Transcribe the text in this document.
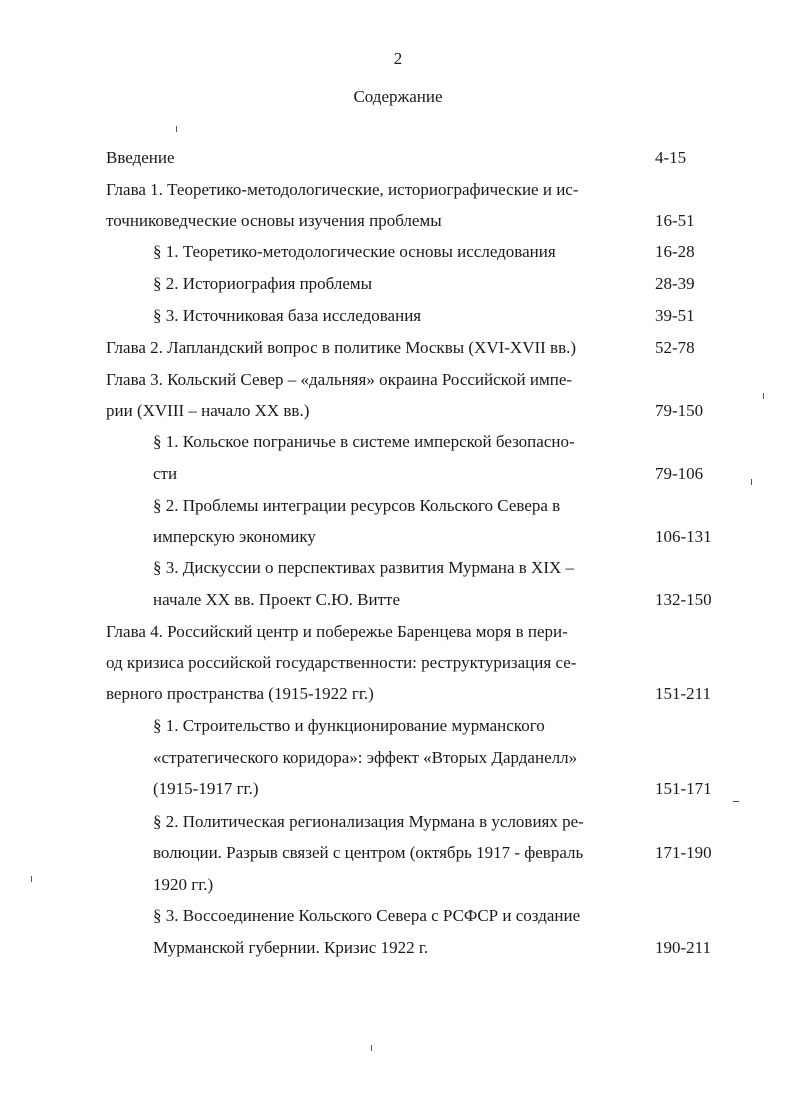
2
Содержание
Введение	4-15
Глава 1. Теоретико-методологические, историографические и ис-
точниковедческие основы изучения проблемы	16-51
§ 1. Теоретико-методологические основы исследования	16-28
§ 2. Историография проблемы	28-39
§ 3. Источниковая база исследования	39-51
Глава 2. Лапландский вопрос в политике Москвы (XVI-XVII вв.)	52-78
Глава 3. Кольский Север – «дальняя» окраина Российской импе-
рии (XVIII – начало XX вв.)	79-150
§ 1. Кольское пограничье в системе имперской безопасно-
сти	79-106
§ 2. Проблемы интеграции ресурсов Кольского Севера в
имперскую экономику	106-131
§ 3. Дискуссии о перспективах развития Мурмана в XIX –
начале XX вв. Проект С.Ю. Витте	132-150
Глава 4. Российский центр и побережье Баренцева моря в пери-
од кризиса российской государственности: реструктуризация се-
верного пространства (1915-1922 гг.)	151-211
§ 1. Строительство и функционирование мурманского
«стратегического коридора»: эффект «Вторых Дарданелл»
(1915-1917 гг.)	151-171
§ 2. Политическая регионализация Мурмана в условиях ре-
волюции. Разрыв связей с центром (октябрь 1917 - февраль	171-190
1920 гг.)
§ 3. Воссоединение Кольского Севера с РСФСР и создание
Мурманской губернии. Кризис 1922 г.	190-211
